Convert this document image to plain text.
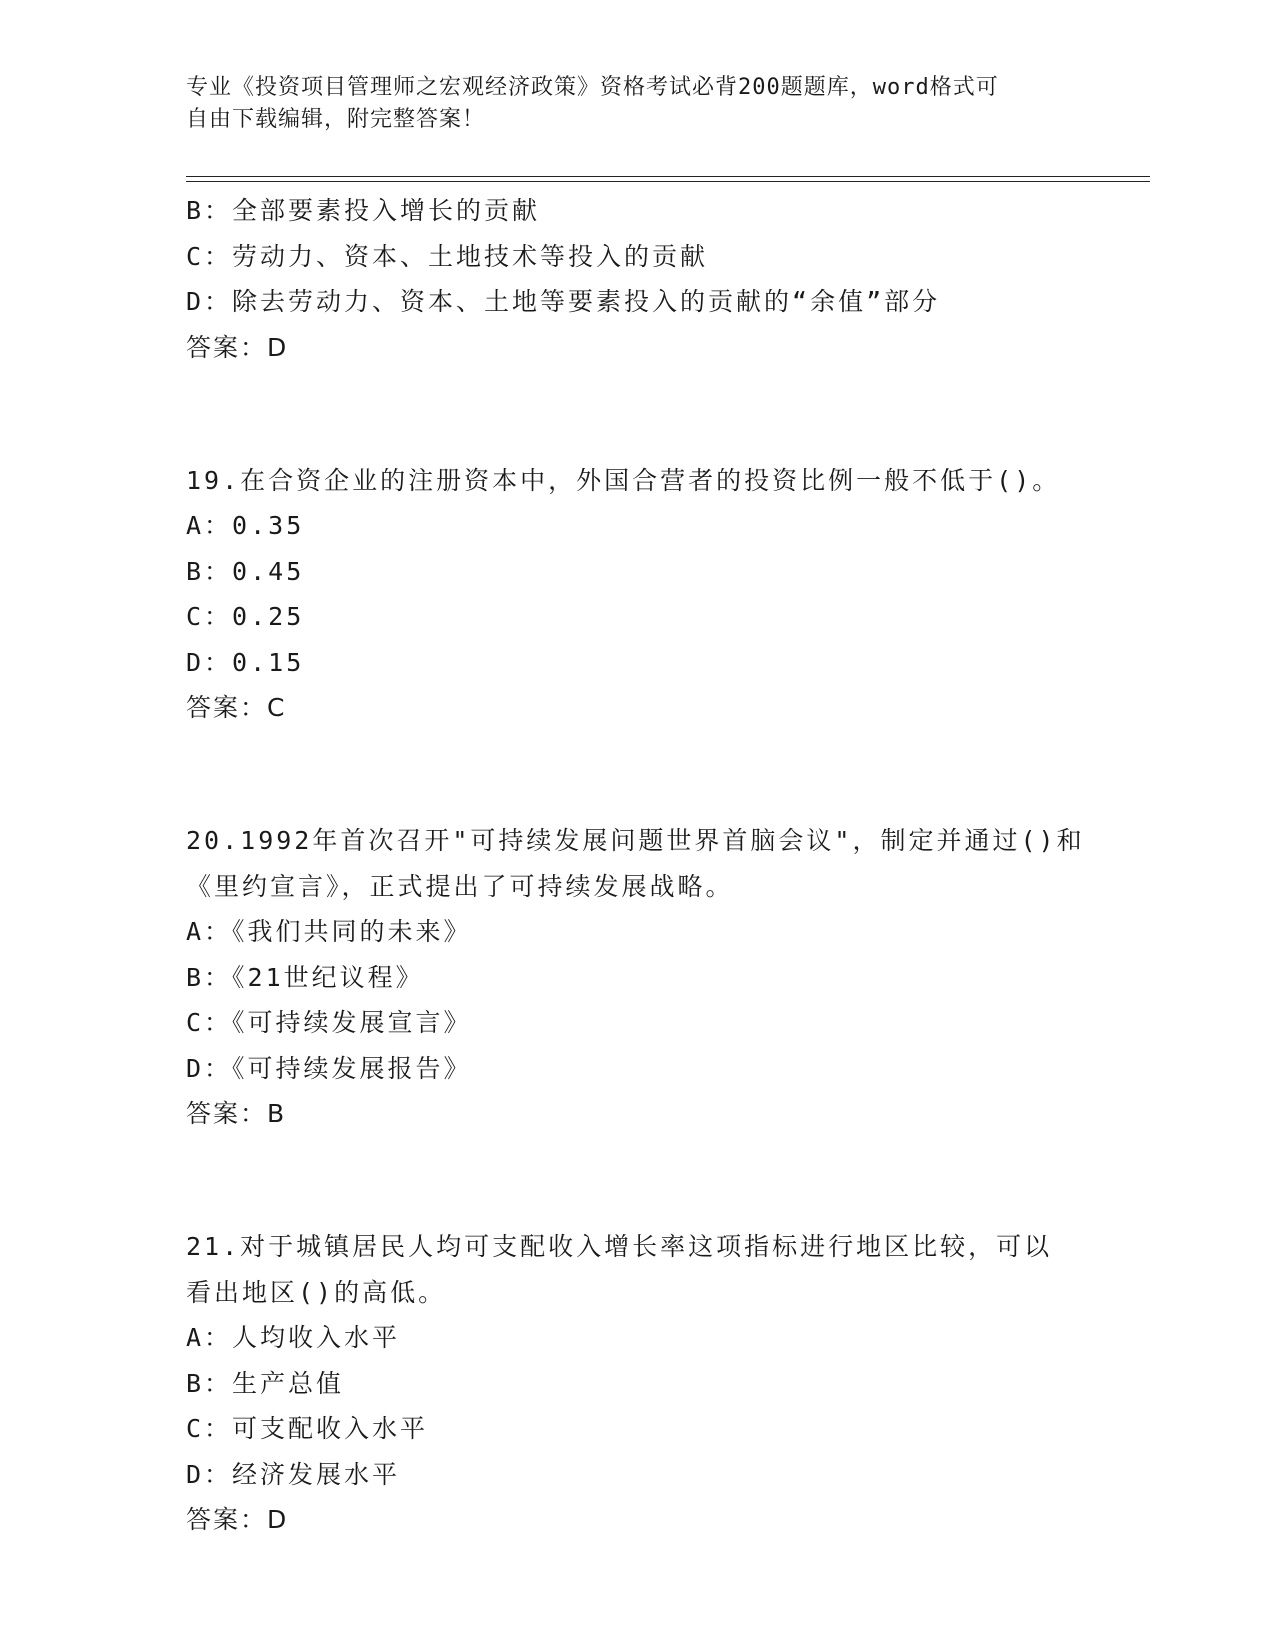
专业《投资项目管理师之宏观经济政策》资格考试必背200题题库，word格式可
自由下载编辑，附完整答案！
B：全部要素投入增长的贡献
C：劳动力、资本、土地技术等投入的贡献
D：除去劳动力、资本、土地等要素投入的贡献的“余值”部分
答案：D
19.在合资企业的注册资本中，外国合营者的投资比例一般不低于()。
A：0.35
B：0.45
C：0.25
D：0.15
答案：C
20.1992年首次召开"可持续发展问题世界首脑会议"，制定并通过()和
《里约宣言》，正式提出了可持续发展战略。
A：《我们共同的未来》
B：《21世纪议程》
C：《可持续发展宣言》
D：《可持续发展报告》
答案：B
21.对于城镇居民人均可支配收入增长率这项指标进行地区比较，可以
看出地区()的高低。
A：人均收入水平
B：生产总值
C：可支配收入水平
D：经济发展水平
答案：D
